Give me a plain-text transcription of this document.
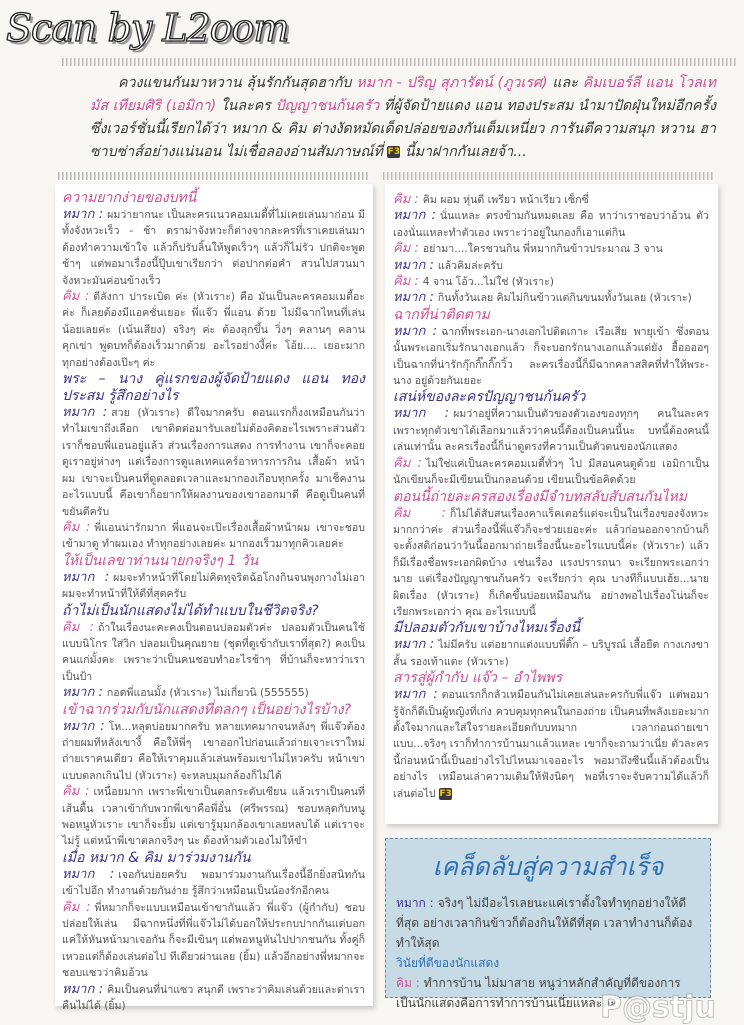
Scan by L2oom
ควงแขนกันมาหวาน ลุ้นรักกันสุดฮากับ หมาก - ปริญ สุภารัตน์ (ภูวเรศ) และ คิมเบอร์ลี แอน โวลเทมัส เทียมศิริ (เอมิกา) ในละคร ปัญญาชนก้นครัว ที่ผู้จัดป้ายแดง แอน ทองประสม นำมาปัดฝุ่นใหม่อีกครั้ง ซึ่งเวอร์ชั่นนี้เรียกได้ว่า หมาก & คิม ต่างงัดหมัดเด็ดปล่อยของกันเต็มเหนี่ยว การันตีความสนุก หวาน ฮา ซาบซ่าส์อย่างแน่นอน ไม่เชื่อลองอ่านสัมภาษณ์ที่ F3 นี้มาฝากกันเลยจ้า...
ความยากง่ายของบทนี้

หมาก : ผมว่ายากนะ เป็นละครแนวคอมเมดี้ที่ไม่เคยเล่นมาก่อน มีทั้งจังหวะเร็ว - ช้า ดราม่าจังหวะก็ต่างจากละครที่เราเคยเล่นมา ต้องทำความเข้าใจ แล้วก็ปรับลิ้นให้พูดเร็วๆ แล้วก็ไม่รัว ปกติจะพูดช้าๆ แต่พอมาเรื่องนี้ปุ๊บเขาเรียกว่า ต่อปากต่อคำ สวนไปสวนมาจังหวะมันค่อนข้างเร็ว

คิม : ตีลังกา ปาระเบิด ค่ะ (หัวเราะ) คือ มันเป็นละครคอมเมดี้อะค่ะ ก็เลยต้องมีแอคชั่นเยอะ พี่แจ๊ว พี่แอน ด้วย ไม่มีฉากไหนที่เล่นน้อยเลยค่ะ (เน้นเสียง) จริงๆ ค่ะ ต้องลุกขึ้น วิ่งๆ คลานๆ คลานคุกเข่า พูดบทก็ต้องเร็วมากด้วย อะไรอย่างงี้ค่ะ โอ้ย.... เยอะมาก ทุกอย่างต้องเป๊ะๆ ค่ะ

พระ – นาง คู่แรกของผู้จัดป้ายแดง แอน ทองประสม รู้สึกอย่างไร

หมาก : สวย (หัวเราะ) ดีใจมากครับ ตอนแรกก็งงเหมือนกันว่าทำไมเขาถึงเลือก เขาติดต่อมารับเลยไม่ต้องคิดอะไรเพราะส่วนตัวเราก็ชอบพี่แอนอยู่แล้ว ส่วนเรื่องการแสดง การทำงาน เขาก็จะคอยดูเราอยู่ห่างๆ แต่เรื่องการดูแลเทคแคร์อาหารการกิน เสื้อผ้า หน้าผม เขาจะเป็นคนที่ดูตลอดเวลาและมากองเกือบทุกครั้ง มาเช็คงานอะไรแบบนี้ คือเขาก็อยากให้ผลงานของเขาออกมาดี คือดูเป็นคนที่ขยันดีครับ

คิม : พี่แอนน่ารักมาก พี่แอนจะเป๊ะเรื่องเสื้อผ้าหน้าผม เขาจะชอบเข้ามาดู ทำผมเอง ทำทุกอย่างเลยค่ะ มากองเร็วมาทุกคิวเลยค่ะ

ให้เป็นเลขาท่านนายกจริงๆ 1 วัน

หมาก : ผมจะทำหน้าที่โดยไม่คิดทุจริตฉ้อโกงกินจนพุงกางไม่เอา ผมจะทำหน้าที่ให้ดีที่สุดครับ

ถ้าไม่เป็นนักแสดงไม่ได้ทำแบบในชีวิตจริง?

คิม : ถ้าในเรื่องนะคะคงเป็นตอนปลอมตัวค่ะ ปลอมตัวเป็นคนใช้แบบนิโกร ใส่วิก ปลอมเป็นคุณยาย (ชุดที่ดูเข้ากับเราที่สุด?) คงเป็นคนแก่มั้งคะ เพราะว่าเป็นคนชอบทำอะไรช้าๆ ที่บ้านก็จะหาว่าเราเป็นป้า

หมาก : กอดพี่แอนมั้ง (หัวเราะ) ไม่เกี่ยวนิ (555555)

เข้าฉากร่วมกับนักแสดงที่ตลกๆ เป็นอย่างไรบ้าง?

หมาก : โห...หลุดบ่อยมากครับ หลายเทคมากจนหลังๆ พี่แจ๊วต้องถ่ายผมทีหลังเขางี้ คือให้พี่ๆ เขาออกไปก่อนแล้วถ่ายเจาะเราใหม่ ถ่ายเราคนเดียว คือให้เราคุมแล้วเล่นพร้อมเขาไม่ไหวครับ หน้าเขาแบบตลกเกินไป (หัวเราะ) จะหลบมุมกล้องก็ไม่ได้

คิม : เหนื่อยมาก เพราะพี่เขาเป็นตลกระดับเซียน แล้วเราเป็นคนที่เส้นตื้น เวลาเข้ากับพวกพี่เขาคือพี่อั๋น (ศรีพรรณ) ชอบหลุดกับหนู พอหนูหัวเราะ เขาก็จะยิ้ม แต่เขารู้มุมกล้องเขาเลยหลบได้ แต่เราจะไม่รู้ แต่หน้าพี่เขาตลกจริงๆ นะ ต้องห้ามตัวเองไม่ให้ขำ

เมื่อ หมาก & คิม มาร่วมงานกัน

หมาก : เจอกันบ่อยครับ พอมาร่วมงานกันเรื่องนี้อีกยิ่งสนิทกันเข้าไปอีก ทำงานด้วยกันง่าย รู้สึกว่าเหมือนเป็นน้องรักอีกคน

คิม : พี่หมากก็จะแบบเหมือนเข้าขากันแล้ว พี่แจ๊ว (ผู้กำกับ) ชอบปล่อยให้เล่น มีฉากหนึ่งที่พี่แจ๊วไม่ได้บอกให้ประกบปากกันแต่บอกแค่ให้หันหน้ามาเจอกัน ก็จะมีเขินๆ แต่พอหนูหันไปปากชนกัน ทั้งคู่ก็เหวอแต่ก็ต้องเล่นต่อไป ทีเดียวผ่านเลย (ยิ้ม) แล้วอีกอย่างพี่หมากจะชอบแซวว่าคิมอ้วน

หมาก : คิมเป็นคนที่น่าแซว สนุกดี เพราะว่าคิมเล่นด้วยและด่าเราคืนไม่ได้ (ยิ้ม)

คิม : คิม ผอม หุ่นดี เพรียว หน้าเรียว เซ็กซี่

หมาก : นั่นแหละ ตรงข้ามกันหมดเลย คือ หาว่าเราชอบว่าอ้วน ตัวเองนั่นแหละทำตัวเอง เพราะว่าอยู่ในกองก็เอาแต่กิน

คิม : อย่ามา....ใครชวนกิน พี่หมากกินข้าวประมาณ 3 จาน

หมาก : แล้วคิมล่ะครับ

คิม : 4 จาน โอ้ว...ไม่ใช่ (หัวเราะ)

หมาก : กินทั้งวันเลย คิมไม่กินข้าวแต่กินขนมทั้งวันเลย (หัวเราะ)

ฉากที่น่าติดตาม

หมาก : ฉากที่พระเอก-นางเอกไปติดเกาะ เรือเสีย พายุเข้า ซึ่งตอนนั้นพระเอกเริ่มรักนางเอกแล้ว ก็จะบอกรักนางเอกแล้วแต่ยัง ฮื้ออออๆ เป็นฉากที่น่ารักกุ๊กกิ๊กกิ๊กวิ้ว ละครเรื่องนี้ก็มีฉากคลาสสิคที่ทำให้พระ-นาง อยู่ด้วยกันเยอะ

เสน่ห์ของละครปัญญาชนก้นครัว

หมาก :	ผมว่าอยู่ที่ความเป็นตัวของตัวเองของทุกๆ คนในละคร เพราะทุกตัวเขาได้เลือกมาแล้วว่าคนนี้ต้องเป็นคนนี้นะ บทนี้ต้องคนนี้เล่นเท่านั้น ละครเรื่องนี้ก็น่าดูตรงที่ความเป็นตัวตนของนักแสดง

คิม : ไม่ใช่แค่เป็นละครคอมเมดี้ทั่วๆ ไป มีสอนคนดูด้วย เอมิกาเป็นนักเขียนก็จะมีเขียนเป็นกลอนด้วย เขียนเป็นข้อคิดด้วย

ตอนนี้ถ่ายละครสองเรื่องมีจำบทสลับสับสนกันไหม

คิม :	ก็ไม่ได้สับสนเรื่องคาแร็คเตอร์แต่จะเป็นในเรื่องของจังหวะมากกว่าค่ะ ส่วนเรื่องนี้พี่แจ๊วก็จะช่วยเยอะค่ะ แล้วก่อนออกจากบ้านก็จะตั้งสติก่อนว่าวันนี้ออกมาถ่ายเรื่องนี้นะอะไรแบบนี้ค่ะ (หัวเราะ) แล้วก็มีเรื่องชื่อพระเอกผิดบ้าง เช่นเรื่อง แรงปรารถนา จะเรียกพระเอกว่า นาย แต่เรื่องปัญญาชนก้นครัว จะเรียกว่า คุณ บางทีก็แบบเฮ้ย...นาย ผิดเรื่อง (หัวเราะ) ก็เกิดขึ้นบ่อยเหมือนกัน อย่างพอไปเรื่องโน่นก็จะเรียกพระเอกว่า คุณ อะไรแบบนี้

มีปลอมตัวกับเขาบ้างไหมเรื่องนี้

หมาก : ไม่มีครับ แต่อยากแต่งแบบพี่ติ๊ก – บริบูรณ์ เสื้อยืด กางเกงขาสั้น รองเท้าแตะ (หัวเราะ)

สารสู่ผู้กำกับ แจ๊ว – อำไพพร

หมาก : ตอนแรกก็กลัวเหมือนกันไม่เคยเล่นละครกับพี่แจ๊ว แต่พอมารู้จักก็ดีเป็นผู้หญิงที่เก่ง ควบคุมทุกคนในกองถ่าย เป็นคนที่พลังเยอะมาก ตั้งใจมากและใส่ใจรายละเอียดกับบทมาก เวลาก่อนถ่ายเขาแบบ...จริงๆ เราก็ทำการบ้านมาแล้วแหละ เขาก็จะถามว่าเนี่ย ตัวละครนี้ก่อนหน้านี้เป็นอย่างไรไปไหนมาเจออะไร พอมาถึงซีนนี้แล้วต้องเป็นอย่างไร เหมือนเล่าความเดิมให้ฟังนิดๆ พอที่เราจะจับความได้แล้วก็เล่นต่อไป F3

เคล็ดลับสู่ความสำเร็จ

หมาก : จริงๆ ไม่มีอะไรเลยนะแค่เราตั้งใจทำทุกอย่างให้ดีที่สุด อย่างเวลากินข้าวก็ต้องกินให้ดีที่สุด เวลาทำงานก็ต้องทำให้สุด

วินัยที่ดีของนักแสดง

คิม : ทำการบ้าน ไม่มาสาย หนูว่าหลักสำคัญที่ดีของการเป็นนักแสดงคือการทำการบ้านเนี่ยแหละค่ะ

P@stju
